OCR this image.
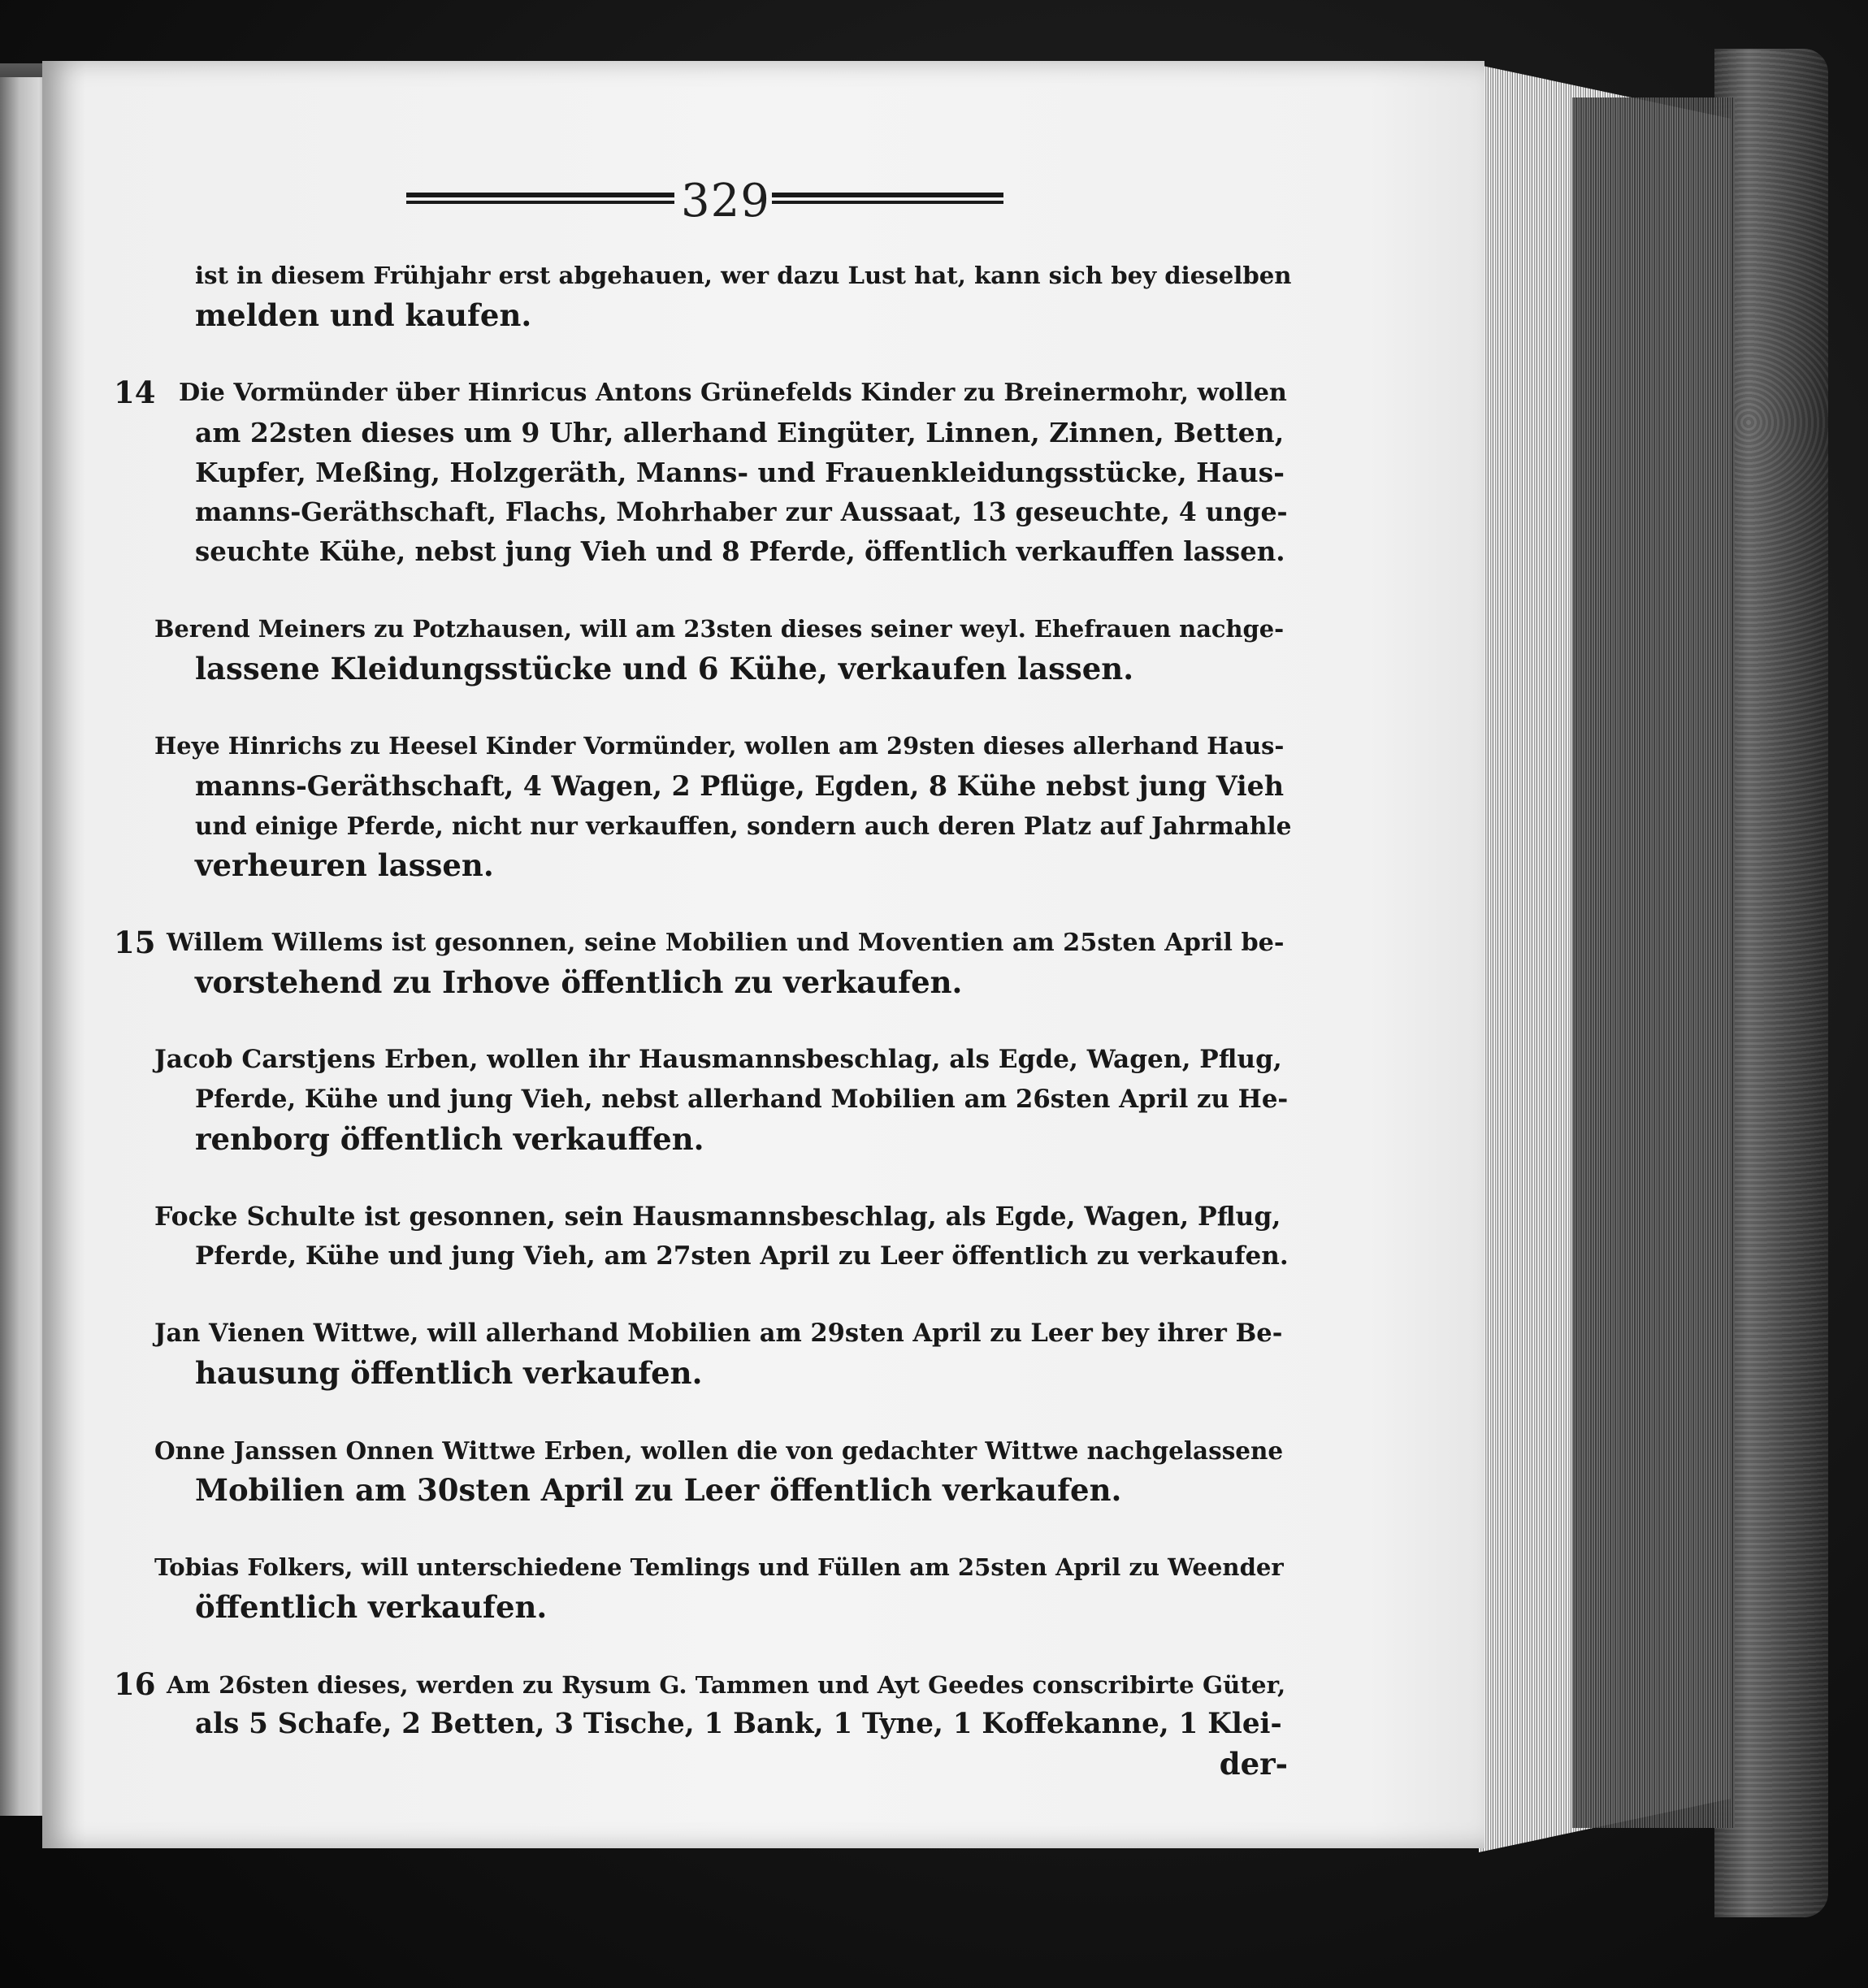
329
ist in diesem Frühjahr erst abgehauen, wer dazu Lust hat, kann sich bey dieselben
melden und kaufen.
14 Die Vormünder über Hinricus Antons Grünefelds Kinder zu Breinermohr, wollen
am 22sten dieses um 9 Uhr, allerhand Eingüter, Linnen, Zinnen, Betten,
Kupfer, Meßing, Holzgeräth, Manns- und Frauenkleidungsstücke, Haus-
manns-Geräthschaft, Flachs, Mohrhaber zur Aussaat, 13 geseuchte, 4 unge-
seuchte Kühe, nebst jung Vieh und 8 Pferde, öffentlich verkauffen lassen.
Berend Meiners zu Potzhausen, will am 23sten dieses seiner weyl. Ehefrauen nachge-
lassene Kleidungsstücke und 6 Kühe, verkaufen lassen.
Heye Hinrichs zu Heesel Kinder Vormünder, wollen am 29sten dieses allerhand Haus-
manns-Geräthschaft, 4 Wagen, 2 Pflüge, Egden, 8 Kühe nebst jung Vieh
und einige Pferde, nicht nur verkauffen, sondern auch deren Platz auf Jahrmahle
verheuren lassen.
15 Willem Willems ist gesonnen, seine Mobilien und Moventien am 25sten April be-
vorstehend zu Irhove öffentlich zu verkaufen.
Jacob Carstjens Erben, wollen ihr Hausmannsbeschlag, als Egde, Wagen, Pflug,
Pferde, Kühe und jung Vieh, nebst allerhand Mobilien am 26sten April zu He-
renborg öffentlich verkauffen.
Focke Schulte ist gesonnen, sein Hausmannsbeschlag, als Egde, Wagen, Pflug,
Pferde, Kühe und jung Vieh, am 27sten April zu Leer öffentlich zu verkaufen.
Jan Vienen Wittwe, will allerhand Mobilien am 29sten April zu Leer bey ihrer Be-
hausung öffentlich verkaufen.
Onne Janssen Onnen Wittwe Erben, wollen die von gedachter Wittwe nachgelassene
Mobilien am 30sten April zu Leer öffentlich verkaufen.
Tobias Folkers, will unterschiedene Temlings und Füllen am 25sten April zu Weender
öffentlich verkaufen.
16 Am 26sten dieses, werden zu Rysum G. Tammen und Ayt Geedes conscribirte Güter,
als 5 Schafe, 2 Betten, 3 Tische, 1 Bank, 1 Tyne, 1 Koffekanne, 1 Klei-
der-
